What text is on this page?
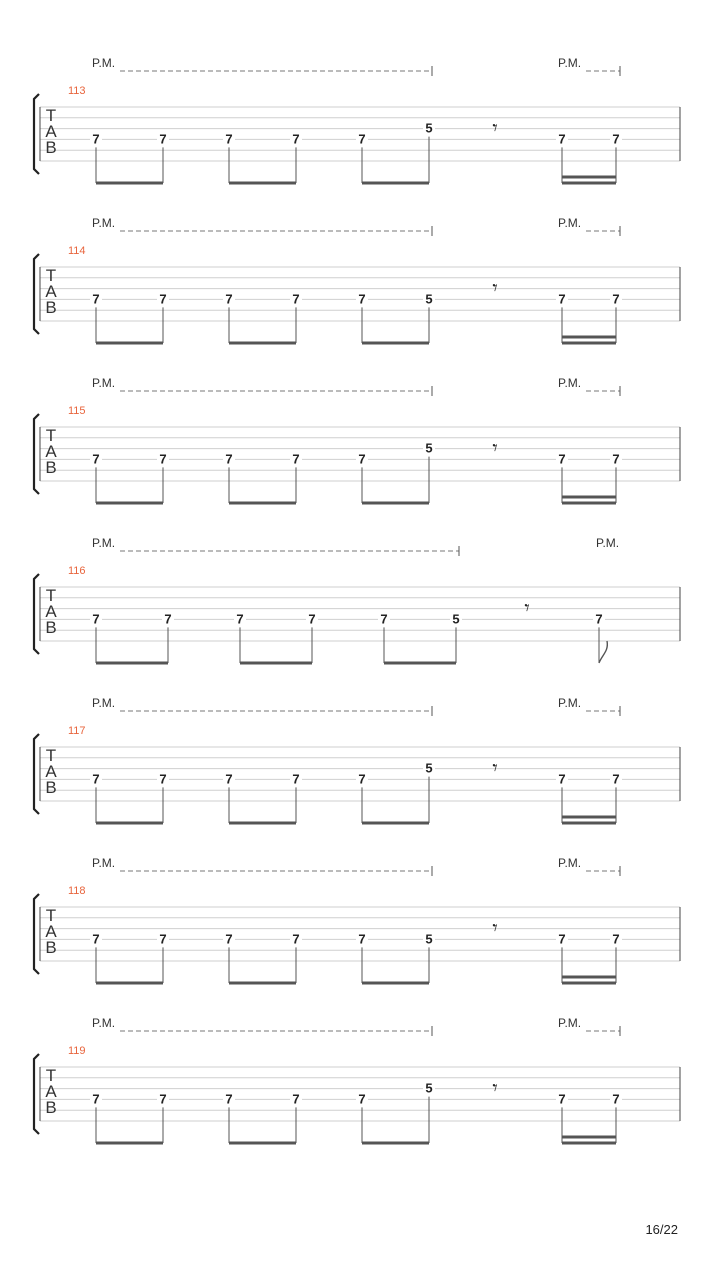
T
A
B
113
P.M.	P.M.
7	7	7	7	7
5	𝄾	7	7
T
A
B
114
P.M.	P.M.
7	7	7	7	7	5	𝄾	7	7
T
A
B
115
P.M.	P.M.
7	7	7	7	7
5	𝄾	7	7
T
A
B
116
P.M.	P.M.
7	7	7	7	7	5	𝄾	7
T
A
B
117
P.M.	P.M.
7	7	7	7	7
5	𝄾	7	7
T
A
B
118
P.M.	P.M.
7	7	7	7	7	5	𝄾	7	7
T
A
B
119
P.M.	P.M.
7	7	7	7	7
5	𝄾	7	7
16/22
